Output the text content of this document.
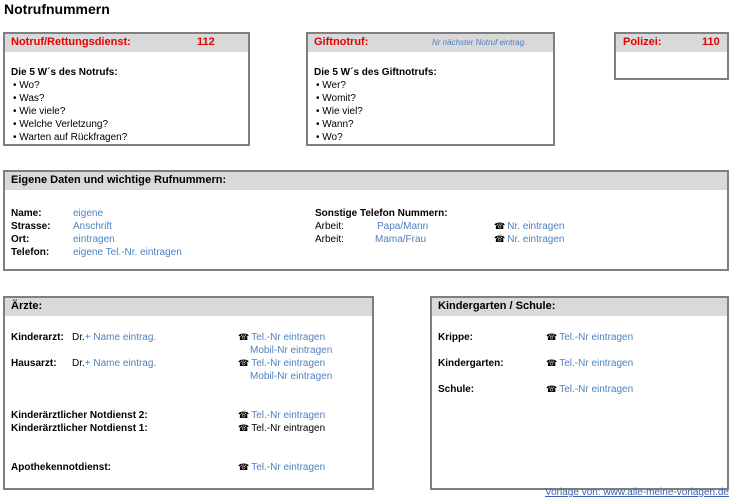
Notrufnummern
Notruf/Rettungsdienst:	112
Die 5 W´s des Notrufs:
• Wo?
• Was?
• Wie viele?
• Welche Verletzung?
• Warten auf Rückfragen?
Giftnotruf:	Nr nächster Notruf eintrag.
Die 5 W´s des Giftnotrufs:
• Wer?
• Womit?
• Wie viel?
• Wann?
• Wo?
Polizei:	110
Eigene Daten und wichtige Rufnummern:
Name:	eigene
Strasse: Anschrift
Ort:	eintragen
Telefon: eigene Tel.-Nr. eintragen
Sonstige Telefon Nummern:
Arbeit:	Papa/Mann	☎ Nr. eintragen
Arbeit:	Mama/Frau	☎ Nr. eintragen
Ärzte:
Kinderarzt: Dr.+ Name eintrag.	☎ Tel.-Nr eintragen
Mobil-Nr eintragen
Hausarzt: Dr.+ Name eintrag.	☎ Tel.-Nr eintragen
Mobil-Nr eintragen
Kinderärztlicher Notdienst 2:	☎ Tel.-Nr eintragen
Kinderärztlicher Notdienst 1:	☎ Tel.-Nr eintragen
Apothekennotdienst:	☎ Tel.-Nr eintragen
Kindergarten / Schule:
Krippe:	☎ Tel.-Nr eintragen
Kindergarten:	☎ Tel.-Nr eintragen
Schule:	☎ Tel.-Nr eintragen
Vorlage von: www.alle-meine-vorlagen.de
